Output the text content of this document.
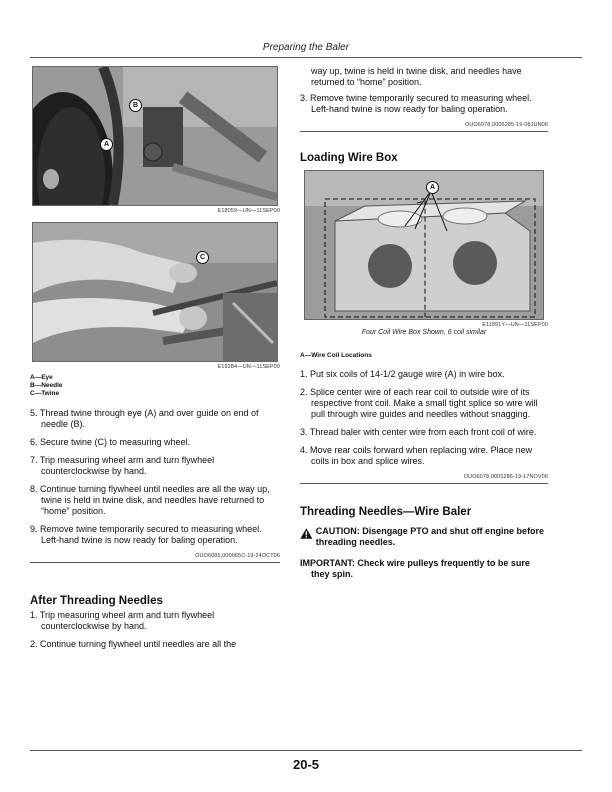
Preparing the Baler
B
A
E18059—UN—11SEP00
C
E19284—UN—11SEP00
A—Eye
B—Needle
C—Twine
5. Thread twine through eye (A) and over guide on end of needle (B).
6. Secure twine (C) to measuring wheel.
7. Trip measuring wheel arm and turn flywheel counterclockwise by hand.
8. Continue turning flywheel until needles are all the way up, twine is held in twine disk, and needles have returned to “home” position.
9. Remove twine temporarily secured to measuring wheel. Left-hand twine is now ready for baling operation.
OUO6085,000065C-19-24OCT06
After Threading Needles
1. Trip measuring wheel arm and turn flywheel counterclockwise by hand.
2. Continue turning flywheel until needles are all the
way up, twine is held in twine disk, and needles have returned to “home” position.
3. Remove twine temporarily secured to measuring wheel. Left-hand twine is now ready for baling operation.
OUO6078,0005285-19-08JUN06
Loading Wire Box
A
E11891Y—UN—11SEP00
Four Coil Wire Box Shown, 6 coil similar
A—Wire Coil Locations
1. Put six coils of 14-1/2 gauge wire (A) in wire box.
2. Splice center wire of each rear coil to outside wire of its respective front coil. Make a small tight splice so wire will pull through wire guides and needles without snagging.
3. Thread baler with center wire from each front coil of wire.
4. Move rear coils forward when replacing wire. Place new coils in box and splice wires.
OUO6078,0005286-19-17NOV06
Threading Needles—Wire Baler
CAUTION: Disengage PTO and shut off engine before threading needles.
IMPORTANT: Check wire pulleys frequently to be sure they spin.
20-5
